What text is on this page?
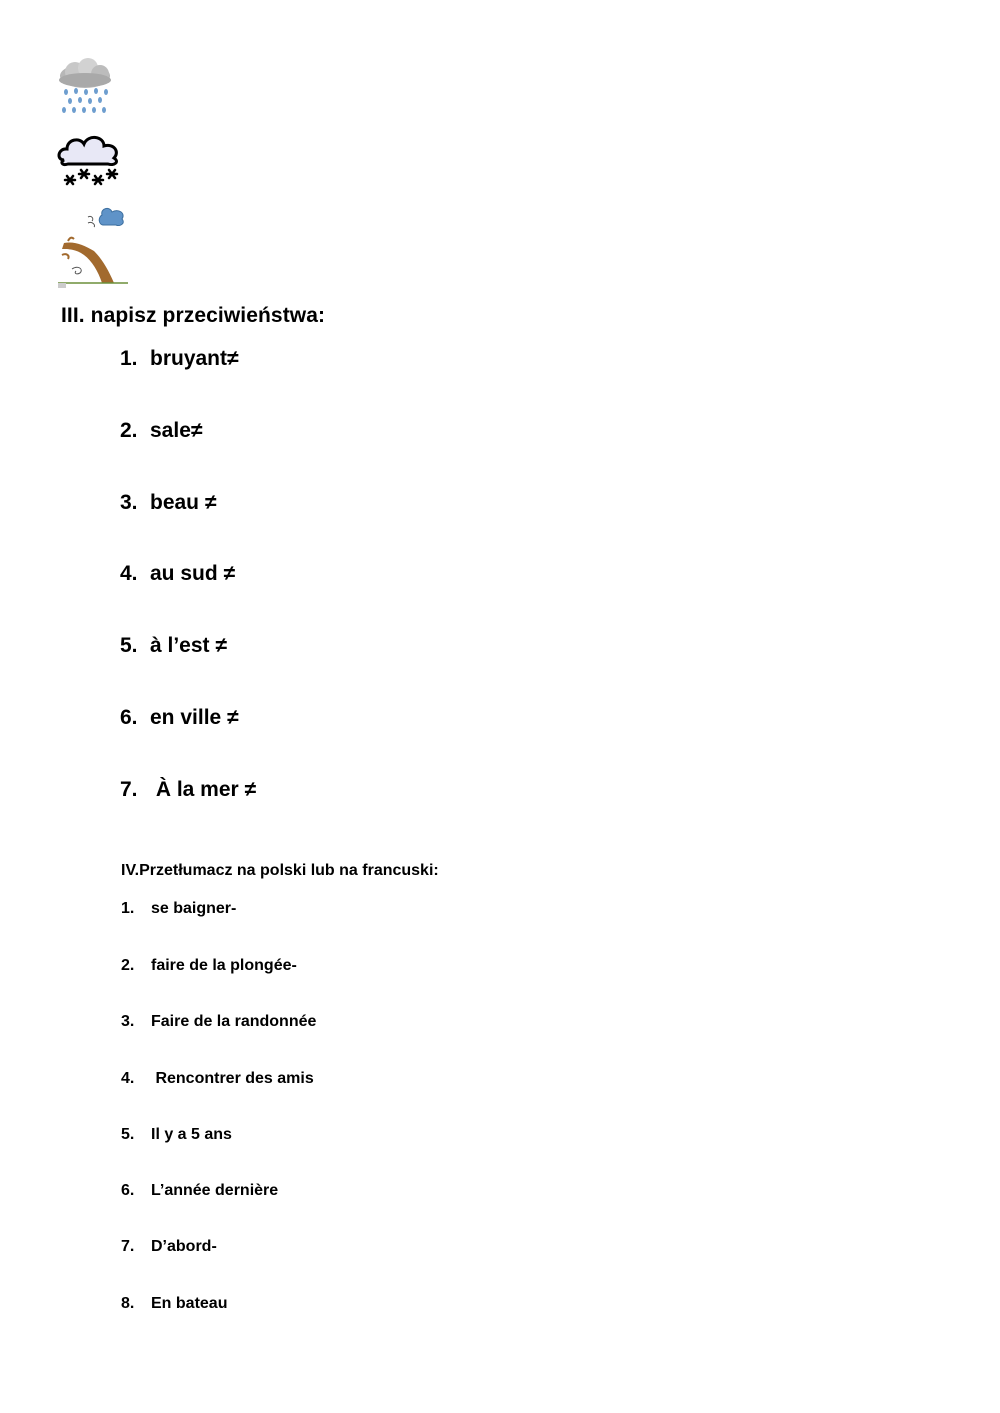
III. napisz przeciwieństwa:
1. bruyant≠
2. sale≠
3. beau ≠
4. au sud ≠
5. à l’est ≠
6. en ville ≠
7. À la mer ≠
IV.Przetłumacz na polski lub na francuski:
1. se baigner-
2. faire de la plongée-
3. Faire de la randonnée
4. Rencontrer des amis
5. Il y a 5 ans
6. L’année dernière
7. D’abord-
8. En bateau
